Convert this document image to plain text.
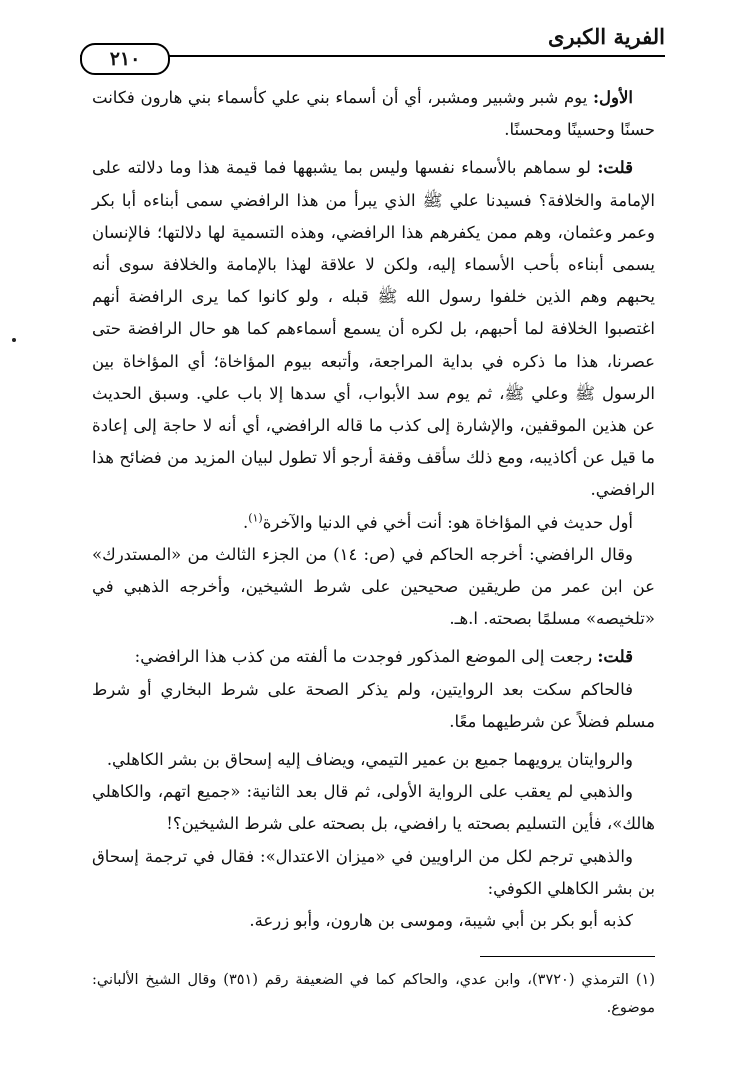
الفرية الكبرى
٢١٠

الأول: يوم شبر وشبير ومشبر، أي أن أسماء بني علي كأسماء بني هارون فكانت حسنًا وحسينًا ومحسنًا.

قلت: لو سماهم بالأسماء نفسها وليس بما يشبهها فما قيمة هذا وما دلالته على الإمامة والخلافة؟ فسيدنا علي ﷺ الذي يبرأ من هذا الرافضي سمى أبناءه أبا بكر وعمر وعثمان، وهم ممن يكفرهم هذا الرافضي، وهذه التسمية لها دلالتها؛ فالإنسان يسمى أبناءه بأحب الأسماء إليه، ولكن لا علاقة لهذا بالإمامة والخلافة سوى أنه يحبهم وهم الذين خلفوا رسول الله ﷺ قبله ، ولو كانوا كما يرى الرافضة أنهم اغتصبوا الخلافة لما أحبهم، بل لكره أن يسمع أسماءهم كما هو حال الرافضة حتى عصرنا، هذا ما ذكره في بداية المراجعة، وأتبعه بيوم المؤاخاة؛ أي المؤاخاة بين الرسول ﷺ وعلي ﷺ، ثم يوم سد الأبواب، أي سدها إلا باب علي. وسبق الحديث عن هذين الموقفين، والإشارة إلى كذب ما قاله الرافضي، أي أنه لا حاجة إلى إعادة ما قيل عن أكاذيبه، ومع ذلك سأقف وقفة أرجو ألا تطول لبيان المزيد من فضائح هذا الرافضي.

أول حديث في المؤاخاة هو: أنت أخي في الدنيا والآخرة$^{(١)}$.

وقال الرافضي: أخرجه الحاكم في (ص: ١٤) من الجزء الثالث من «المستدرك» عن ابن عمر من طريقين صحيحين على شرط الشيخين، وأخرجه الذهبي في «تلخيصه» مسلمًا بصحته. ا.هـ.

قلت: رجعت إلى الموضع المذكور فوجدت ما ألفته من كذب هذا الرافضي:

فالحاكم سكت بعد الروايتين، ولم يذكر الصحة على شرط البخاري أو شرط مسلم فضلاً عن شرطيهما معًا.

والروايتان يرويهما جميع بن عمير التيمي، ويضاف إليه إسحاق بن بشر الكاهلي.

والذهبي لم يعقب على الرواية الأولى، ثم قال بعد الثانية: «جميع اتهم، والكاهلي هالك»، فأين التسليم بصحته يا رافضي، بل بصحته على شرط الشيخين؟!

والذهبي ترجم لكل من الراويين في «ميزان الاعتدال»: فقال في ترجمة إسحاق بن بشر الكاهلي الكوفي:

كذبه أبو بكر بن أبي شيبة، وموسى بن هارون، وأبو زرعة.

(١) الترمذي (٣٧٢٠)، وابن عدي، والحاكم كما في الضعيفة رقم (٣٥١) وقال الشيخ الألباني: موضوع.
